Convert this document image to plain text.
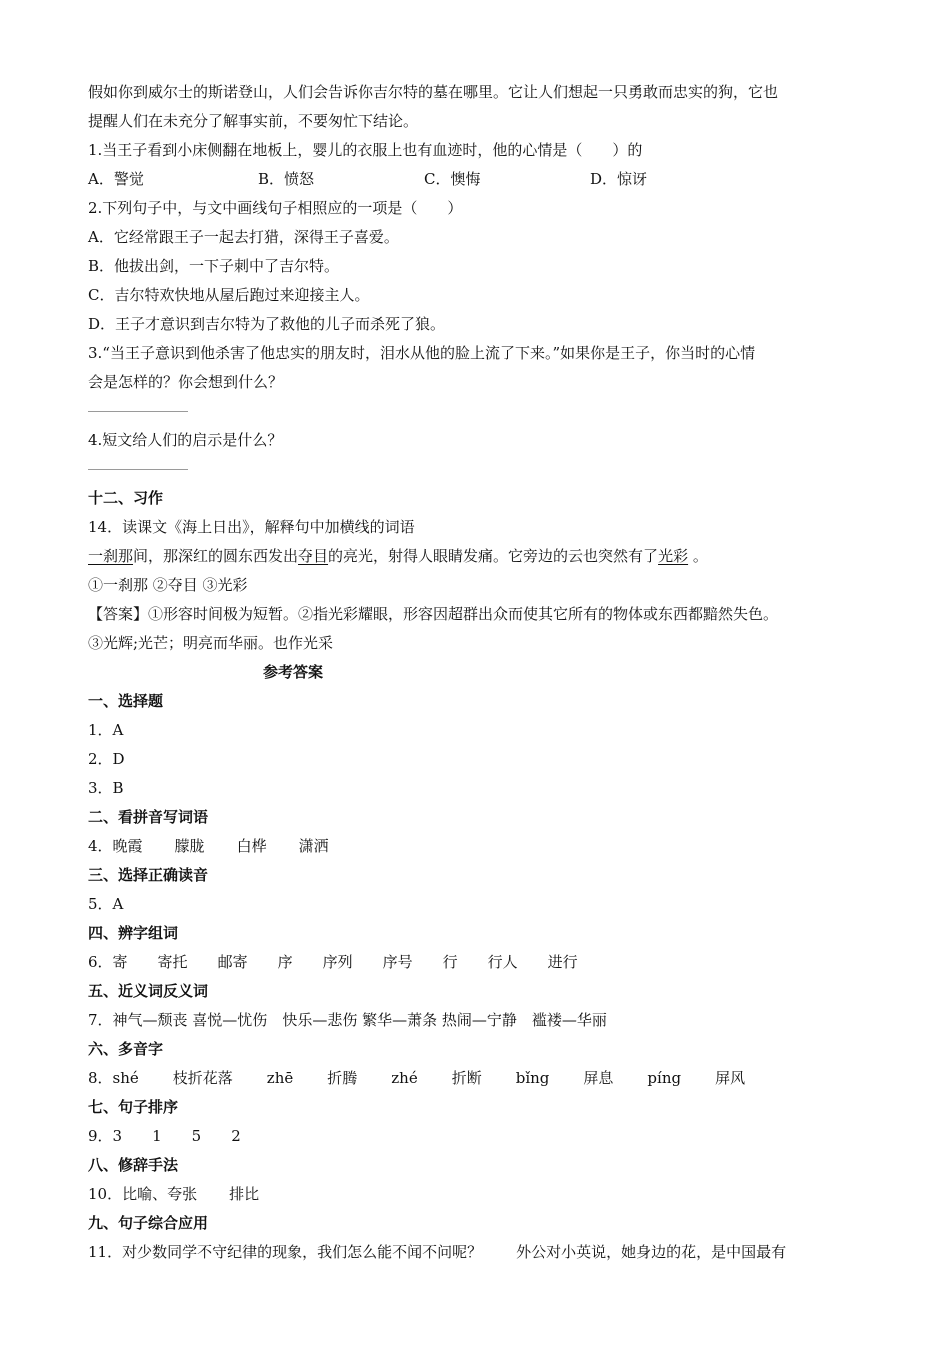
假如你到威尔士的斯诺登山，人们会告诉你吉尔特的墓在哪里。它让人们想起一只勇敢而忠实的狗，它也
提醒人们在未充分了解事实前，不要匆忙下结论。
1.当王子看到小床侧翻在地板上，婴儿的衣服上也有血迹时，他的心情是（　　）的
A．警觉	B．愤怒	C．懊悔	D．惊讶
2.下列句子中，与文中画线句子相照应的一项是（　　）
A．它经常跟王子一起去打猎，深得王子喜爱。
B．他拔出剑，一下子刺中了吉尔特。
C．吉尔特欢快地从屋后跑过来迎接主人。
D．王子才意识到吉尔特为了救他的儿子而杀死了狼。
3.“当王子意识到他杀害了他忠实的朋友时，泪水从他的脸上流了下来。”如果你是王子，你当时的心情
会是怎样的？你会想到什么？
4.短文给人们的启示是什么？
十二、习作
14．读课文《海上日出》，解释句中加横线的词语
一刹那间，那深红的圆东西发出夺目的亮光，射得人眼睛发痛。它旁边的云也突然有了光彩 。
①一刹那 ②夺目 ③光彩
【答案】①形容时间极为短暂。②指光彩耀眼，形容因超群出众而使其它所有的物体或东西都黯然失色。
③光辉;光芒；明亮而华丽。也作光采
参考答案
一、选择题
1．A
2．D
3．B
二、看拼音写词语
4．晚霞 朦胧 白桦 潇洒
三、选择正确读音
5．A
四、辨字组词
6．寄 寄托 邮寄 序 序列 序号 行 行人 进行
五、近义词反义词
7．神气—颓丧 喜悦—忧伤　快乐—悲伤 繁华—萧条 热闹—宁静　褴褛—华丽
六、多音字
8．shé 枝折花落 zhē 折腾 zhé 折断 bǐng 屏息 píng 屏风
七、句子排序
9．3 1 5 2
八、修辞手法
10．比喻、夸张 排比
九、句子综合应用
11．对少数同学不守纪律的现象，我们怎么能不闻不问呢？ 外公对小英说，她身边的花，是中国最有
